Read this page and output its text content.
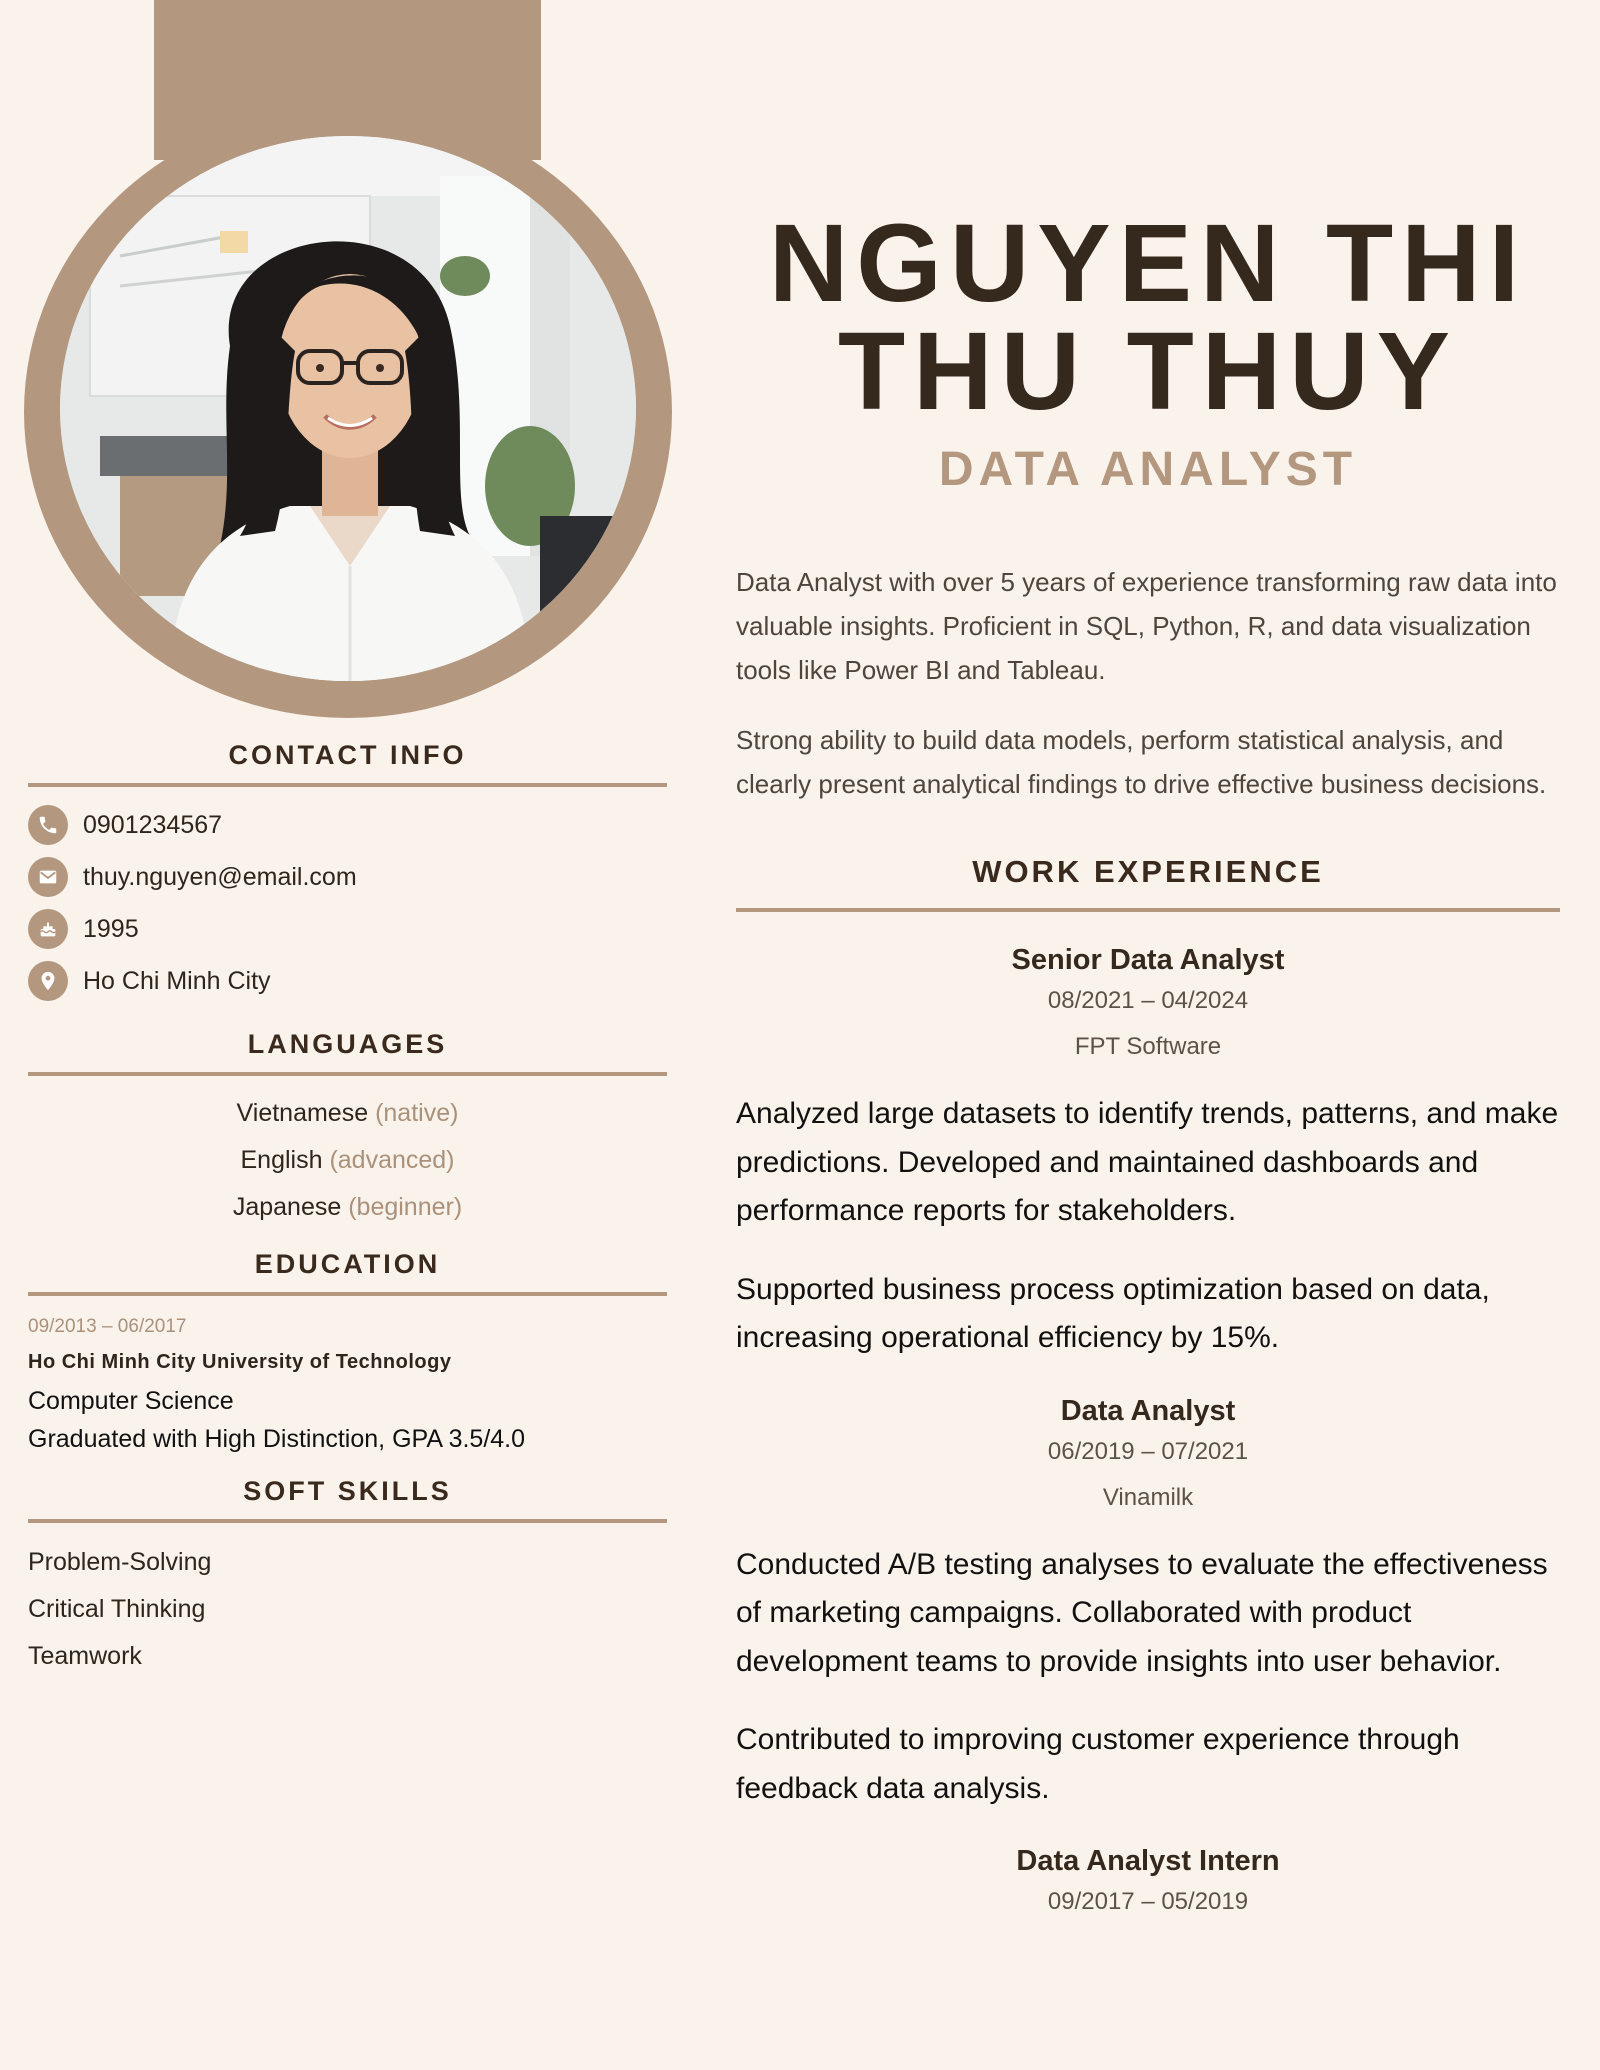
CONTACT INFO
0901234567
thuy.nguyen@email.com
1995
Ho Chi Minh City
LANGUAGES
Vietnamese (native)
English (advanced)
Japanese (beginner)
EDUCATION
09/2013 – 06/2017
Ho Chi Minh City University of Technology
Computer Science
Graduated with High Distinction, GPA 3.5/4.0
SOFT SKILLS
Problem-Solving
Critical Thinking
Teamwork
NGUYEN THI
THU THUY
DATA ANALYST

Data Analyst with over 5 years of experience transforming raw data into valuable insights. Proficient in SQL, Python, R, and data visualization tools like Power BI and Tableau.

Strong ability to build data models, perform statistical analysis, and clearly present analytical findings to drive effective business decisions.

WORK EXPERIENCE
Senior Data Analyst
08/2021 – 04/2024
FPT Software

Analyzed large datasets to identify trends, patterns, and make predictions. Developed and maintained dashboards and performance reports for stakeholders.

Supported business process optimization based on data, increasing operational efficiency by 15%.

Data Analyst
06/2019 – 07/2021
Vinamilk

Conducted A/B testing analyses to evaluate the effectiveness of marketing campaigns. Collaborated with product development teams to provide insights into user behavior.

Contributed to improving customer experience through feedback data analysis.

Data Analyst Intern
09/2017 – 05/2019
